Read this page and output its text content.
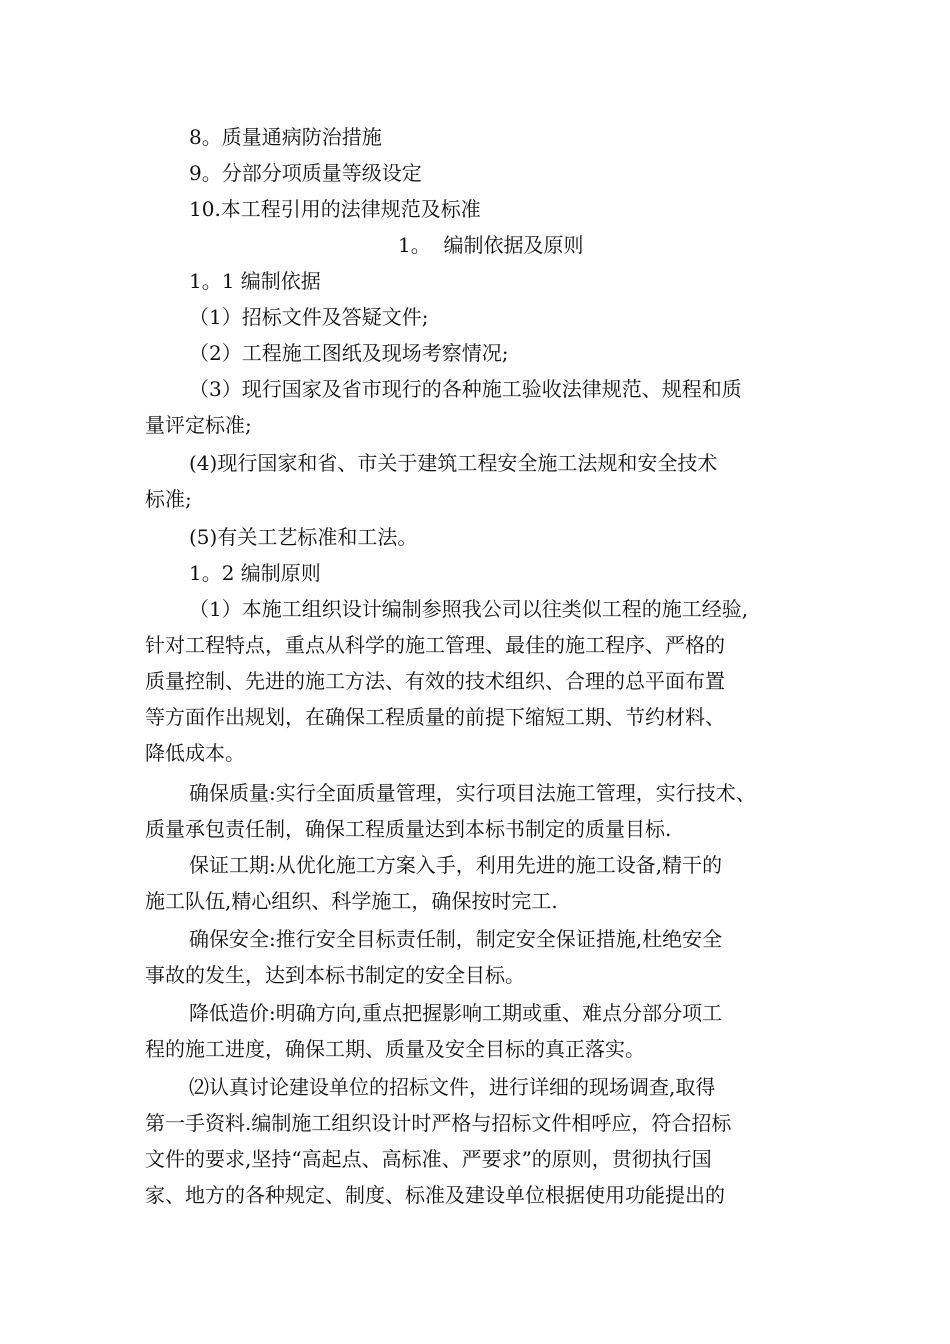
8。质量通病防治措施
9。分部分项质量等级设定
10.本工程引用的法律规范及标准
1。  编制依据及原则
1。1 编制依据
（1）招标文件及答疑文件;
（2）工程施工图纸及现场考察情况;
（3）现行国家及省市现行的各种施工验收法律规范、规程和质
量评定标准;
(4)现行国家和省、市关于建筑工程安全施工法规和安全技术
标准;
(5)有关工艺标准和工法。
1。2 编制原则
（1）本施工组织设计编制参照我公司以往类似工程的施工经验,
针对工程特点，重点从科学的施工管理、最佳的施工程序、严格的
质量控制、先进的施工方法、有效的技术组织、合理的总平面布置
等方面作出规划，在确保工程质量的前提下缩短工期、节约材料、
降低成本。
确保质量:实行全面质量管理，实行项目法施工管理，实行技术、
质量承包责任制，确保工程质量达到本标书制定的质量目标.
保证工期:从优化施工方案入手，利用先进的施工设备,精干的
施工队伍,精心组织、科学施工，确保按时完工.
确保安全:推行安全目标责任制，制定安全保证措施,杜绝安全
事故的发生，达到本标书制定的安全目标。
降低造价:明确方向,重点把握影响工期或重、难点分部分项工
程的施工进度，确保工期、质量及安全目标的真正落实。
⑵认真讨论建设单位的招标文件，进行详细的现场调查,取得
第一手资料.编制施工组织设计时严格与招标文件相呼应，符合招标
文件的要求,坚持“高起点、高标准、严要求”的原则，贯彻执行国
家、地方的各种规定、制度、标准及建设单位根据使用功能提出的
